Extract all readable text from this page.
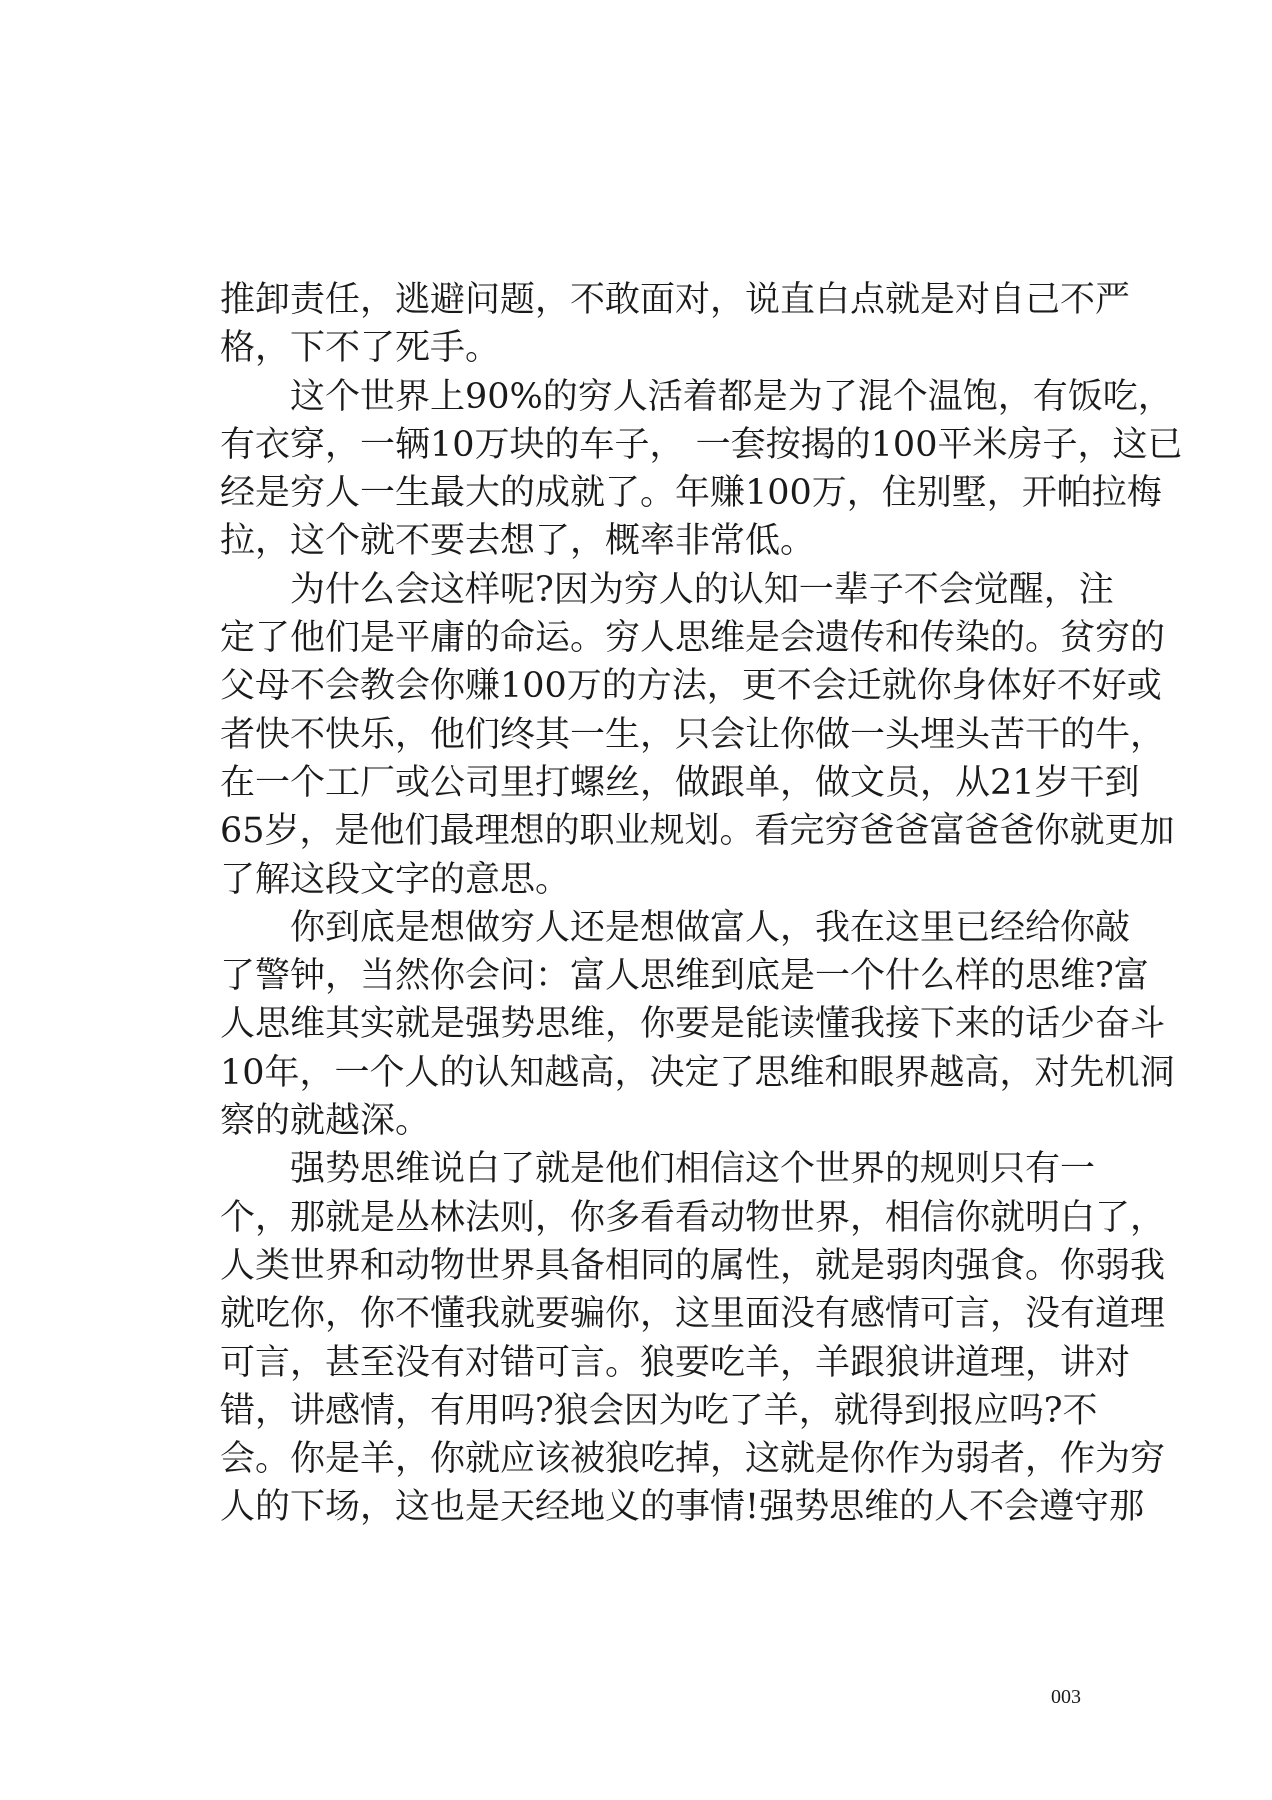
推卸责任，逃避问题，不敢面对，说直白点就是对自己不严
格，下不了死手。
这个世界上90%的穷人活着都是为了混个温饱，有饭吃，
有衣穿，一辆10万块的车子， 一套按揭的100平米房子，这已
经是穷人一生最大的成就了。年赚100万，住别墅，开帕拉梅
拉，这个就不要去想了，概率非常低。
为什么会这样呢?因为穷人的认知一辈子不会觉醒，注
定了他们是平庸的命运。穷人思维是会遗传和传染的。贫穷的
父母不会教会你赚100万的方法，更不会迁就你身体好不好或
者快不快乐，他们终其一生，只会让你做一头埋头苦干的牛，
在一个工厂或公司里打螺丝，做跟单，做文员，从21岁干到
65岁，是他们最理想的职业规划。看完穷爸爸富爸爸你就更加
了解这段文字的意思。
你到底是想做穷人还是想做富人，我在这里已经给你敲
了警钟，当然你会问：富人思维到底是一个什么样的思维?富
人思维其实就是强势思维，你要是能读懂我接下来的话少奋斗
10年，一个人的认知越高，决定了思维和眼界越高，对先机洞
察的就越深。
强势思维说白了就是他们相信这个世界的规则只有一
个，那就是丛林法则，你多看看动物世界，相信你就明白了，
人类世界和动物世界具备相同的属性，就是弱肉强食。你弱我
就吃你，你不懂我就要骗你，这里面没有感情可言，没有道理
可言，甚至没有对错可言。狼要吃羊，羊跟狼讲道理，讲对
错，讲感情，有用吗?狼会因为吃了羊，就得到报应吗?不
会。你是羊，你就应该被狼吃掉，这就是你作为弱者，作为穷
人的下场，这也是天经地义的事情!强势思维的人不会遵守那
003
